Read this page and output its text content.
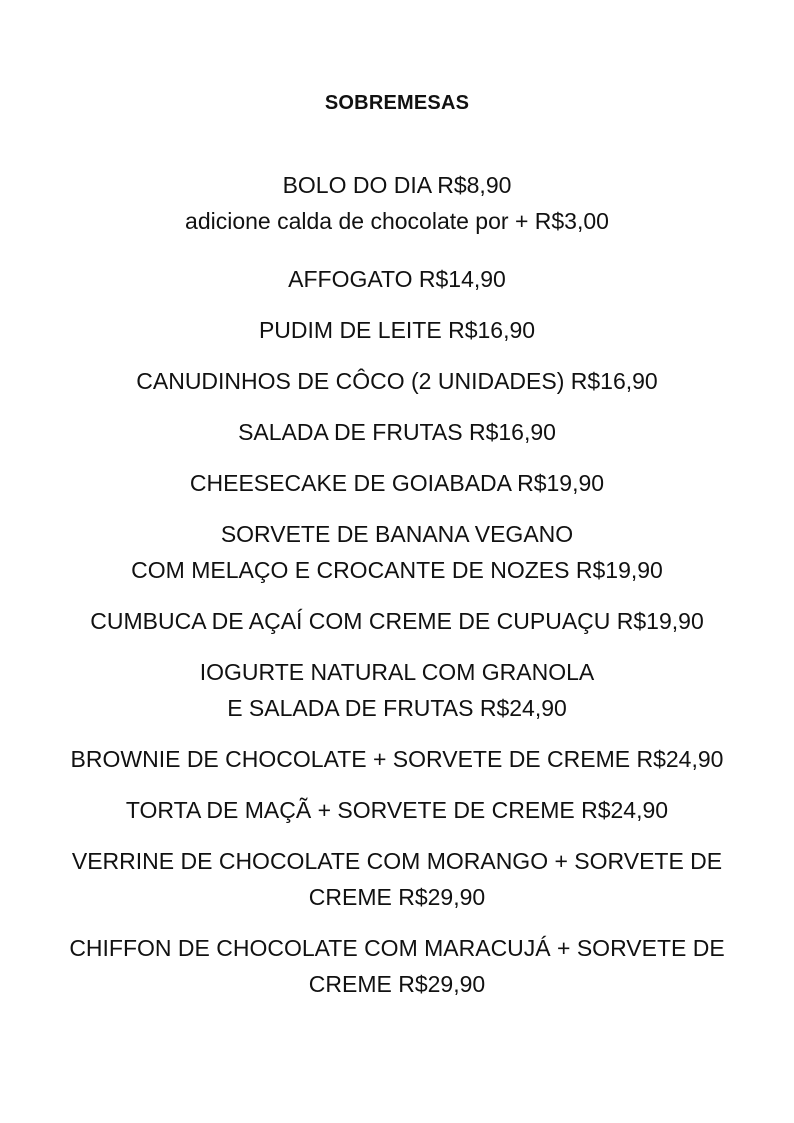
SOBREMESAS
BOLO DO DIA R$8,90
adicione calda de chocolate por + R$3,00
AFFOGATO R$14,90
PUDIM DE LEITE R$16,90
CANUDINHOS DE CÔCO (2 UNIDADES) R$16,90
SALADA DE FRUTAS R$16,90
CHEESECAKE DE GOIABADA R$19,90
SORVETE DE BANANA VEGANO
COM MELAÇO E CROCANTE DE NOZES R$19,90
CUMBUCA DE AÇAÍ COM CREME DE CUPUAÇU R$19,90
IOGURTE NATURAL COM GRANOLA
E SALADA DE FRUTAS R$24,90
BROWNIE DE CHOCOLATE + SORVETE DE CREME R$24,90
TORTA DE MAÇÃ + SORVETE DE CREME R$24,90
VERRINE DE CHOCOLATE COM MORANGO + SORVETE DE
CREME R$29,90
CHIFFON DE CHOCOLATE COM MARACUJÁ + SORVETE DE
CREME R$29,90
